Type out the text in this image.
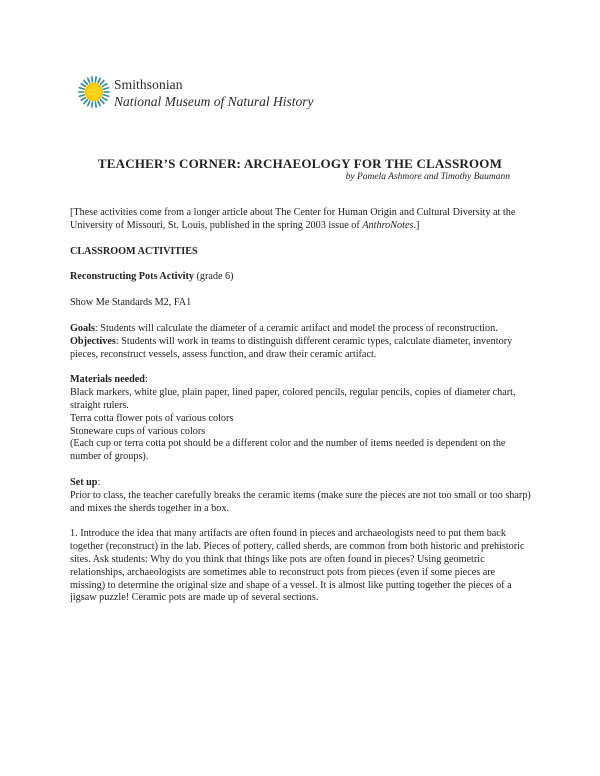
Smithsonian
National Museum of Natural History
TEACHER’S CORNER: ARCHAEOLOGY FOR THE CLASSROOM

by Pamela Ashmore and Timothy Baumann

[These activities come from a longer article about The Center for Human Origin and Cultural Diversity at the University of Missouri, St. Louis, published in the spring 2003 issue of AnthroNotes.]

CLASSROOM ACTIVITIES

Reconstructing Pots Activity (grade 6)

Show Me Standards M2, FA1

Goals: Students will calculate the diameter of a ceramic artifact and model the process of reconstruction.

Objectives: Students will work in teams to distinguish different ceramic types, calculate diameter, inventory pieces, reconstruct vessels, assess function, and draw their ceramic artifact.

Materials needed:

Black markers, white glue, plain paper, lined paper, colored pencils, regular pencils, copies of diameter chart, straight rulers.

Terra cotta flower pots of various colors

Stoneware cups of various colors

(Each cup or terra cotta pot should be a different color and the number of items needed is dependent on the number of groups).

Set up:

Prior to class, the teacher carefully breaks the ceramic items (make sure the pieces are not too small or too sharp) and mixes the sherds together in a box.

1. Introduce the idea that many artifacts are often found in pieces and archaeologists need to put them back together (reconstruct) in the lab. Pieces of pottery, called sherds, are common from both historic and prehistoric sites. Ask students: Why do you think that things like pots are often found in pieces? Using geometric relationships, archaeologists are sometimes able to reconstruct pots from pieces (even if some pieces are missing) to determine the original size and shape of a vessel. It is almost like putting together the pieces of a jigsaw puzzle! Ceramic pots are made up of several sections.
